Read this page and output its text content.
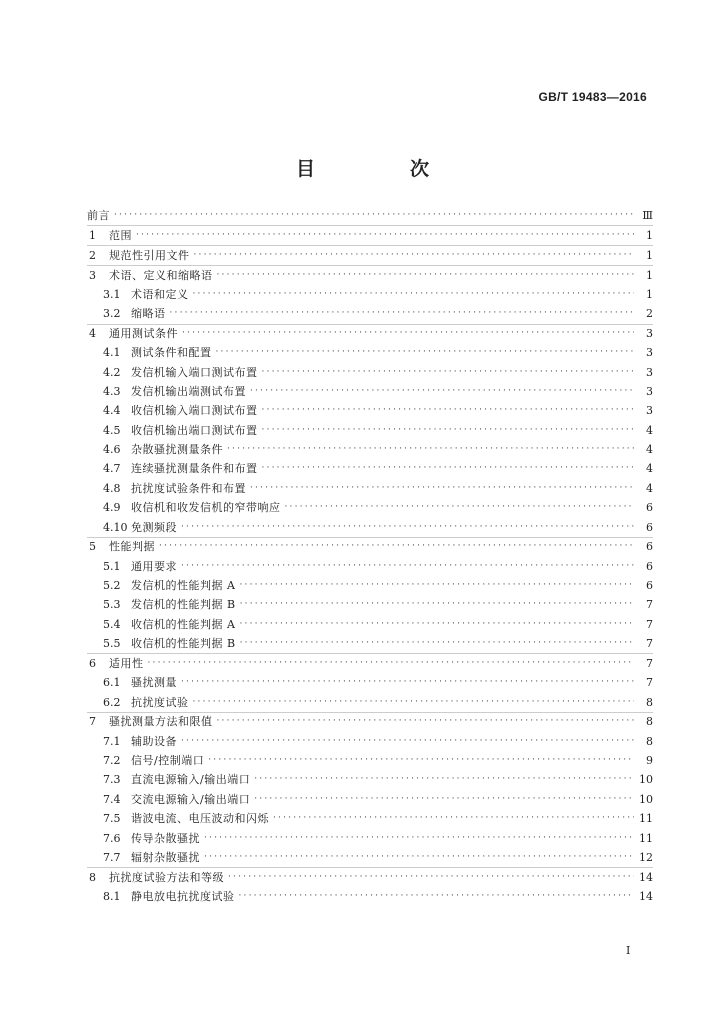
GB/T 19483—2016
目　次
前言 ·····	Ⅲ
1	范围 ·····	1
2	规范性引用文件 ·····	1
3	术语、定义和缩略语 ·····	1
3.1 术语和定义 ·····	1
3.2 缩略语 ·····	2
4	通用测试条件 ·····	3
4.1 测试条件和配置 ·····	3
4.2 发信机输入端口测试布置 ·····	3
4.3 发信机输出端测试布置 ·····	3
4.4 收信机输入端口测试布置 ·····	3
4.5 收信机输出端口测试布置 ·····	4
4.6 杂散骚扰测量条件 ·····	4
4.7 连续骚扰测量条件和布置 ·····	4
4.8 抗扰度试验条件和布置 ·····	4
4.9 收信机和收发信机的窄带响应 ·····	6
4.10 免测频段 ·····	6
5	性能判据 ·····	6
5.1 通用要求 ·····	6
5.2 发信机的性能判据 A ·····	6
5.3 发信机的性能判据 B ·····	7
5.4 收信机的性能判据 A ·····	7
5.5 收信机的性能判据 B ·····	7
6	适用性 ·····	7
6.1 骚扰测量 ·····	7
6.2 抗扰度试验 ·····	8
7	骚扰测量方法和限值 ·····	8
7.1 辅助设备 ·····	8
7.2 信号/控制端口 ·····	9
7.3 直流电源输入/输出端口 ·····	10
7.4 交流电源输入/输出端口 ·····	10
7.5 谐波电流、电压波动和闪烁 ·····	11
7.6 传导杂散骚扰 ·····	11
7.7 辐射杂散骚扰 ·····	12
8	抗扰度试验方法和等级 ·····	14
8.1 静电放电抗扰度试验 ·····	14
I
